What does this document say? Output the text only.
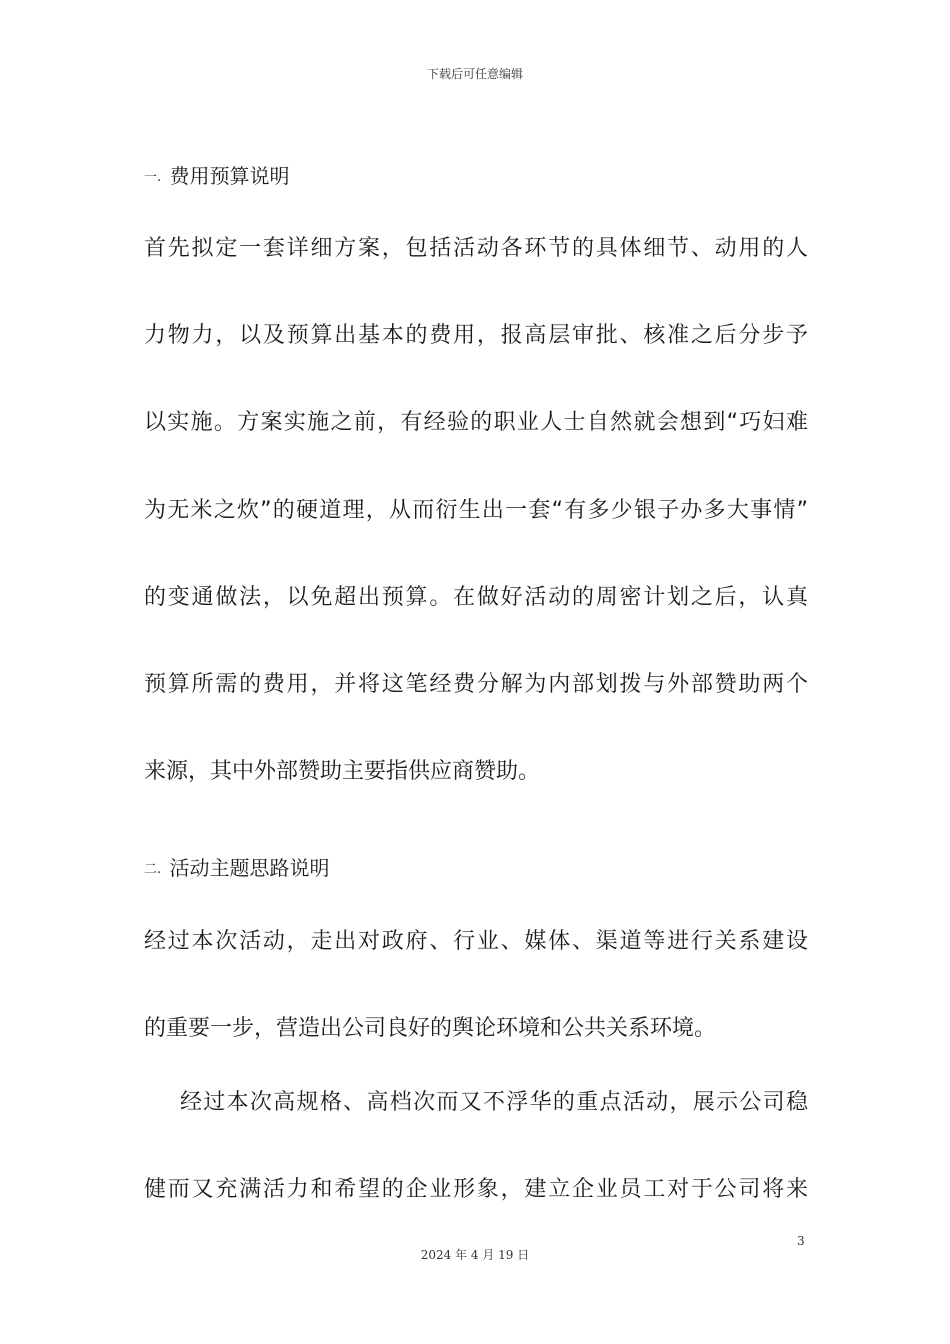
下载后可任意编辑
一. 费用预算说明
首先拟定一套详细方案，包括活动各环节的具体细节、动用的人
力物力，以及预算出基本的费用，报高层审批、核准之后分步予
以实施。方案实施之前，有经验的职业人士自然就会想到“巧妇难
为无米之炊”的硬道理，从而衍生出一套“有多少银子办多大事情”
的变通做法，以免超出预算。在做好活动的周密计划之后，认真
预算所需的费用，并将这笔经费分解为内部划拨与外部赞助两个
来源，其中外部赞助主要指供应商赞助。
二. 活动主题思路说明
经过本次活动，走出对政府、行业、媒体、渠道等进行关系建设
的重要一步，营造出公司良好的舆论环境和公共关系环境。
经过本次高规格、高档次而又不浮华的重点活动，展示公司稳
健而又充满活力和希望的企业形象，建立企业员工对于公司将来
3
2024 年 4 月 19 日
